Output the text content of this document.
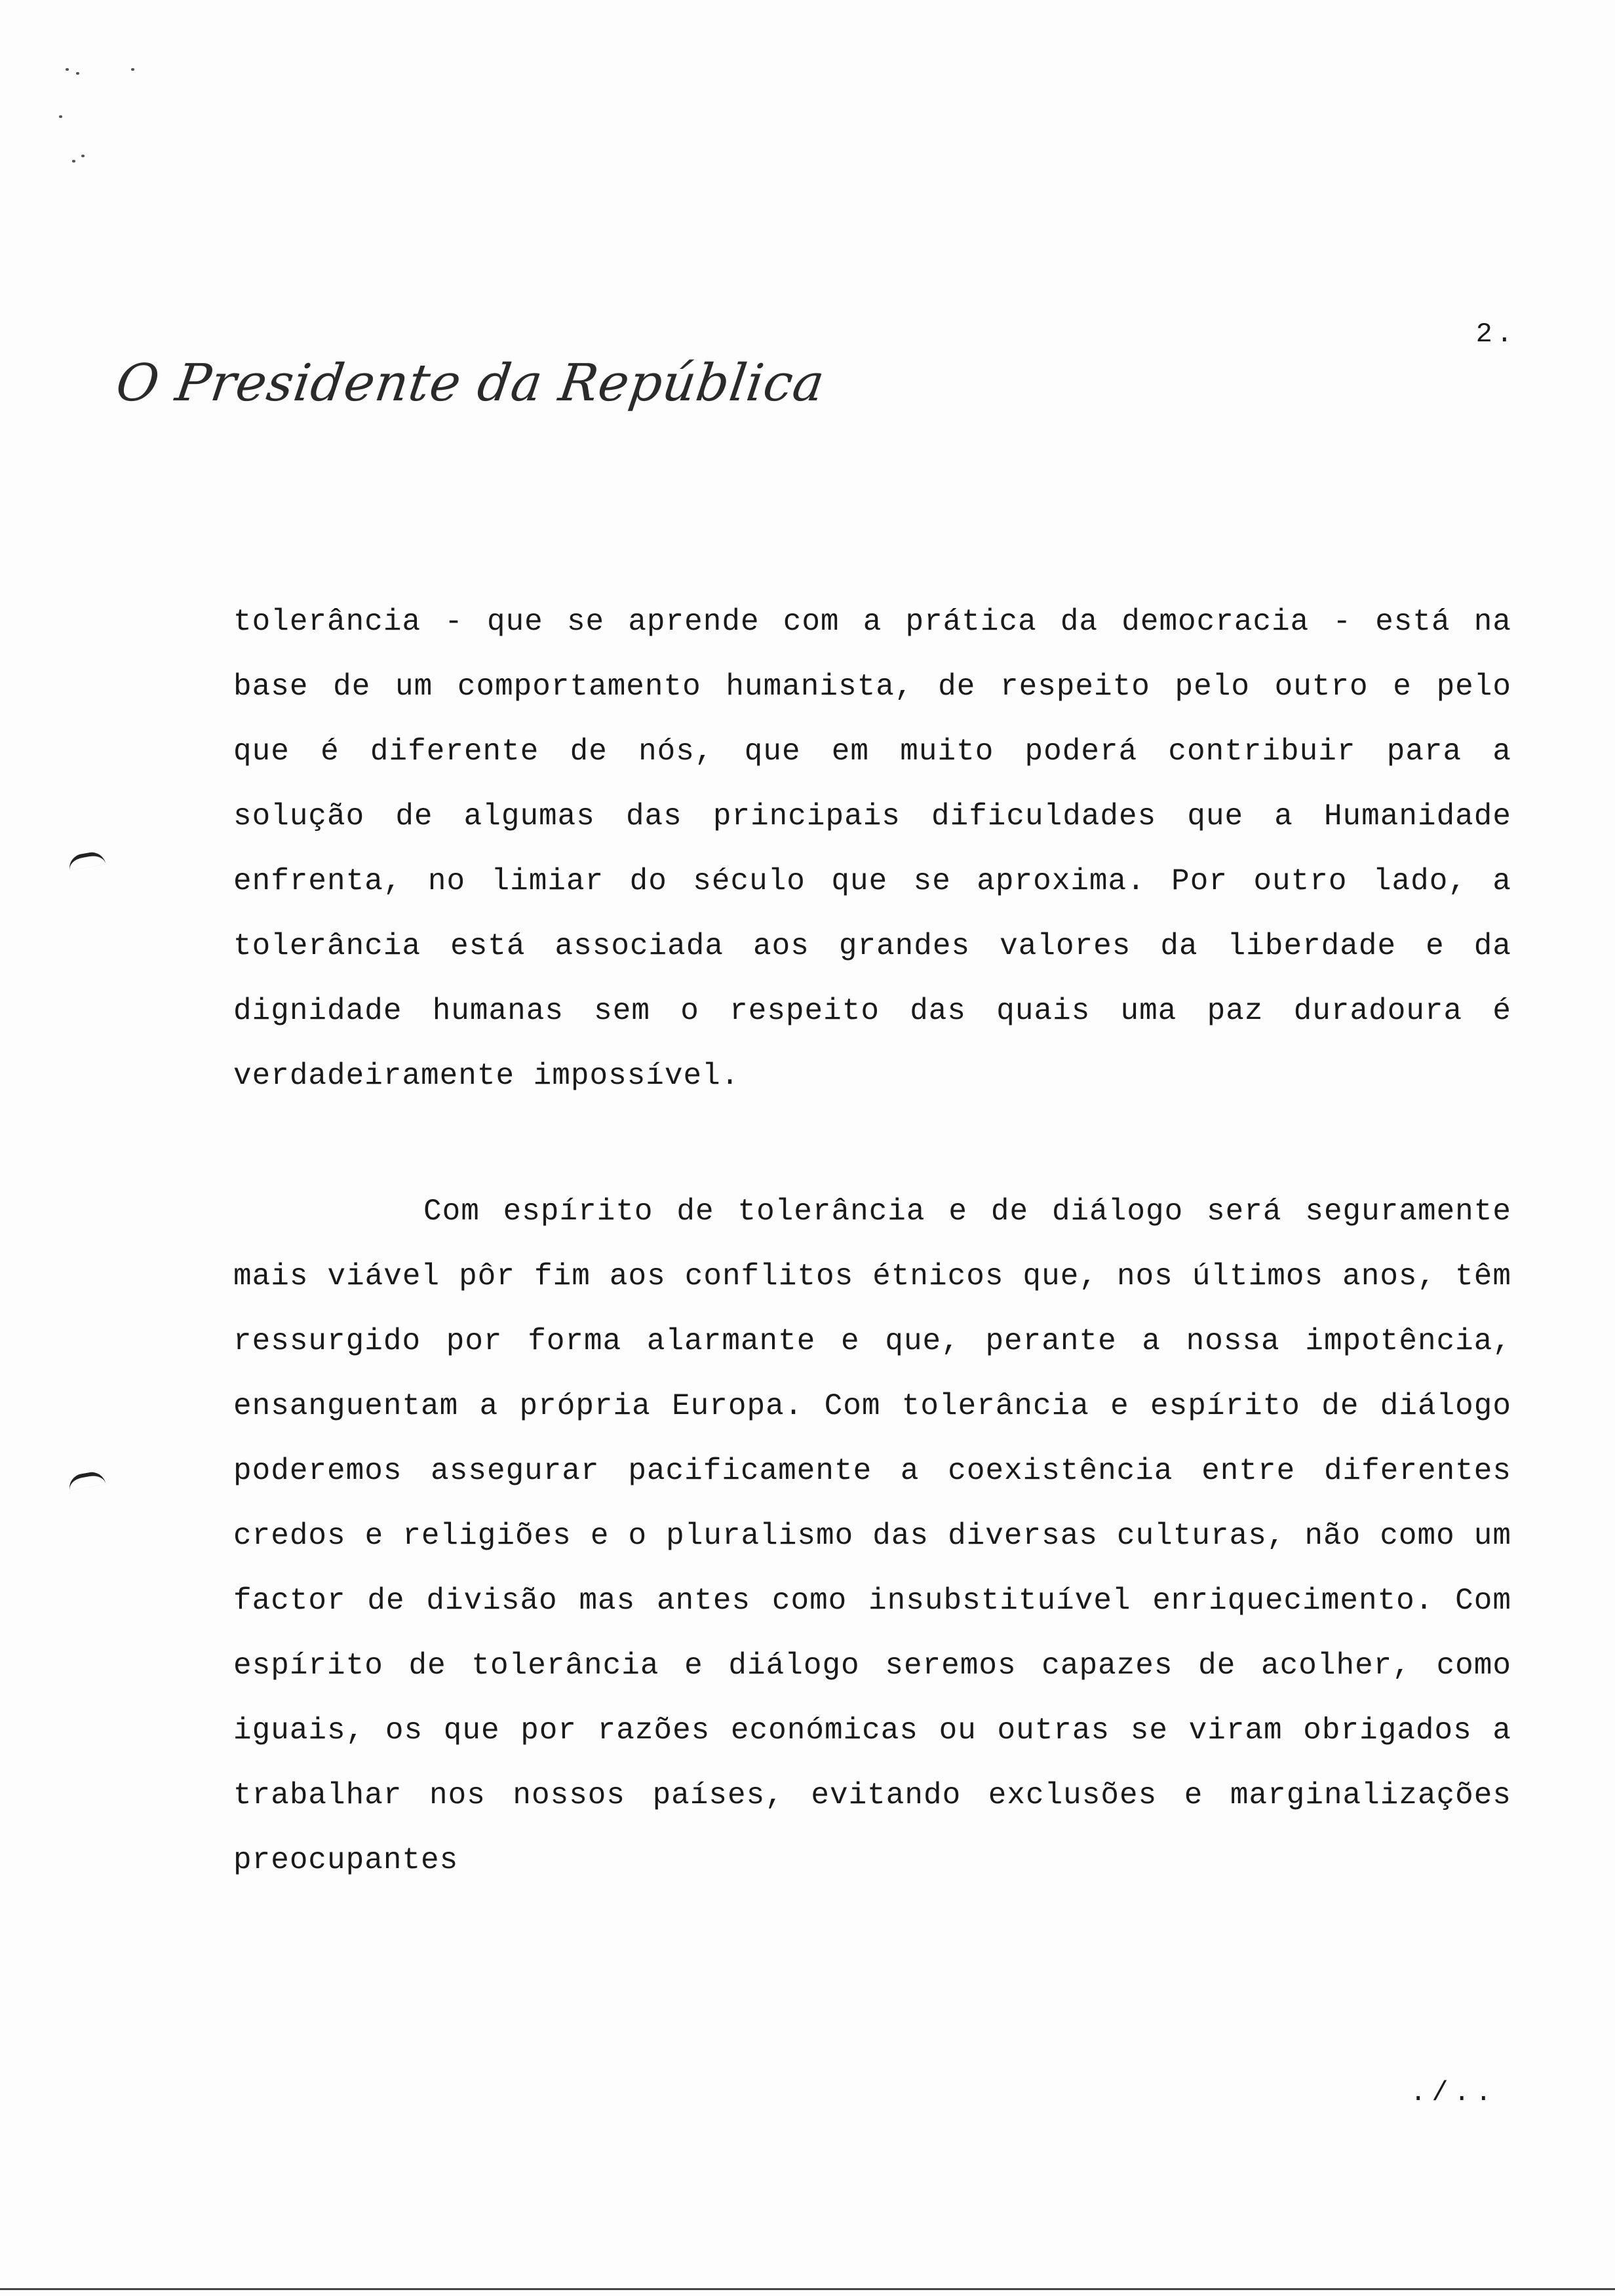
O Presidente da República
2.
tolerância - que se aprende com a prática da democracia - está na base de um comportamento humanista, de respeito pelo outro e pelo que é diferente de nós, que em muito poderá contribuir para a solução de algumas das principais dificuldades que a Humanidade enfrenta, no limiar do século que se aproxima. Por outro lado, a tolerância está associada aos grandes valores da liberdade e da dignidade humanas sem o respeito das quais uma paz duradoura é verdadeiramente impossível.
Com espírito de tolerância e de diálogo será seguramente mais viável pôr fim aos conflitos étnicos que, nos últimos anos, têm ressurgido por forma alarmante e que, perante a nossa impotência, ensanguentam a própria Europa. Com tolerância e espírito de diálogo poderemos assegurar pacificamente a coexistência entre diferentes credos e religiões e o pluralismo das diversas culturas, não como um factor de divisão mas antes como insubstituível enriquecimento. Com espírito de tolerância e diálogo seremos capazes de acolher, como iguais, os que por razões económicas ou outras se viram obrigados a trabalhar nos nossos países, evitando exclusões e marginalizações preocupantes
./..
